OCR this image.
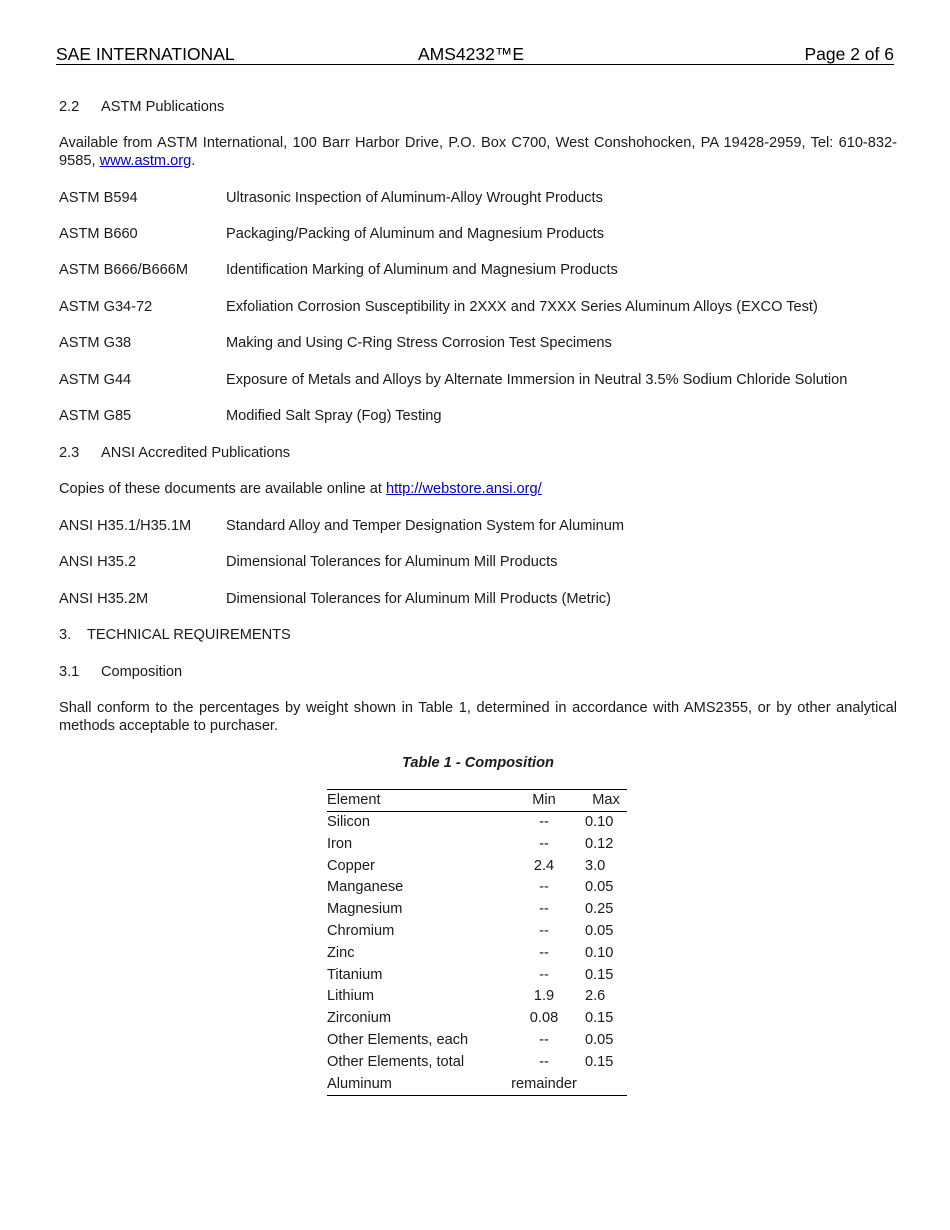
SAE INTERNATIONAL	AMS4232™E	Page 2 of 6
2.2 ASTM Publications
Available from ASTM International, 100 Barr Harbor Drive, P.O. Box C700, West Conshohocken, PA 19428-2959, Tel: 610-832-9585, www.astm.org.
ASTM B594	Ultrasonic Inspection of Aluminum-Alloy Wrought Products
ASTM B660	Packaging/Packing of Aluminum and Magnesium Products
ASTM B666/B666M	Identification Marking of Aluminum and Magnesium Products
ASTM G34-72	Exfoliation Corrosion Susceptibility in 2XXX and 7XXX Series Aluminum Alloys (EXCO Test)
ASTM G38	Making and Using C-Ring Stress Corrosion Test Specimens
ASTM G44	Exposure of Metals and Alloys by Alternate Immersion in Neutral 3.5% Sodium Chloride Solution
ASTM G85	Modified Salt Spray (Fog) Testing
2.3 ANSI Accredited Publications
Copies of these documents are available online at http://webstore.ansi.org/
ANSI H35.1/H35.1M Standard Alloy and Temper Designation System for Aluminum
ANSI H35.2	Dimensional Tolerances for Aluminum Mill Products
ANSI H35.2M	Dimensional Tolerances for Aluminum Mill Products (Metric)
3. TECHNICAL REQUIREMENTS
3.1 Composition
Shall conform to the percentages by weight shown in Table 1, determined in accordance with AMS2355, or by other analytical methods acceptable to purchaser.
Table 1 - Composition
Element	Min	Max
Silicon	--	0.10
Iron	--	0.12
Copper	2.4	3.0
Manganese	--	0.05
Magnesium	--	0.25
Chromium	--	0.05
Zinc	--	0.10
Titanium	--	0.15
Lithium	1.9	2.6
Zirconium	0.08	0.15
Other Elements, each	--	0.05
Other Elements, total	--	0.15
Aluminum	remainder	
